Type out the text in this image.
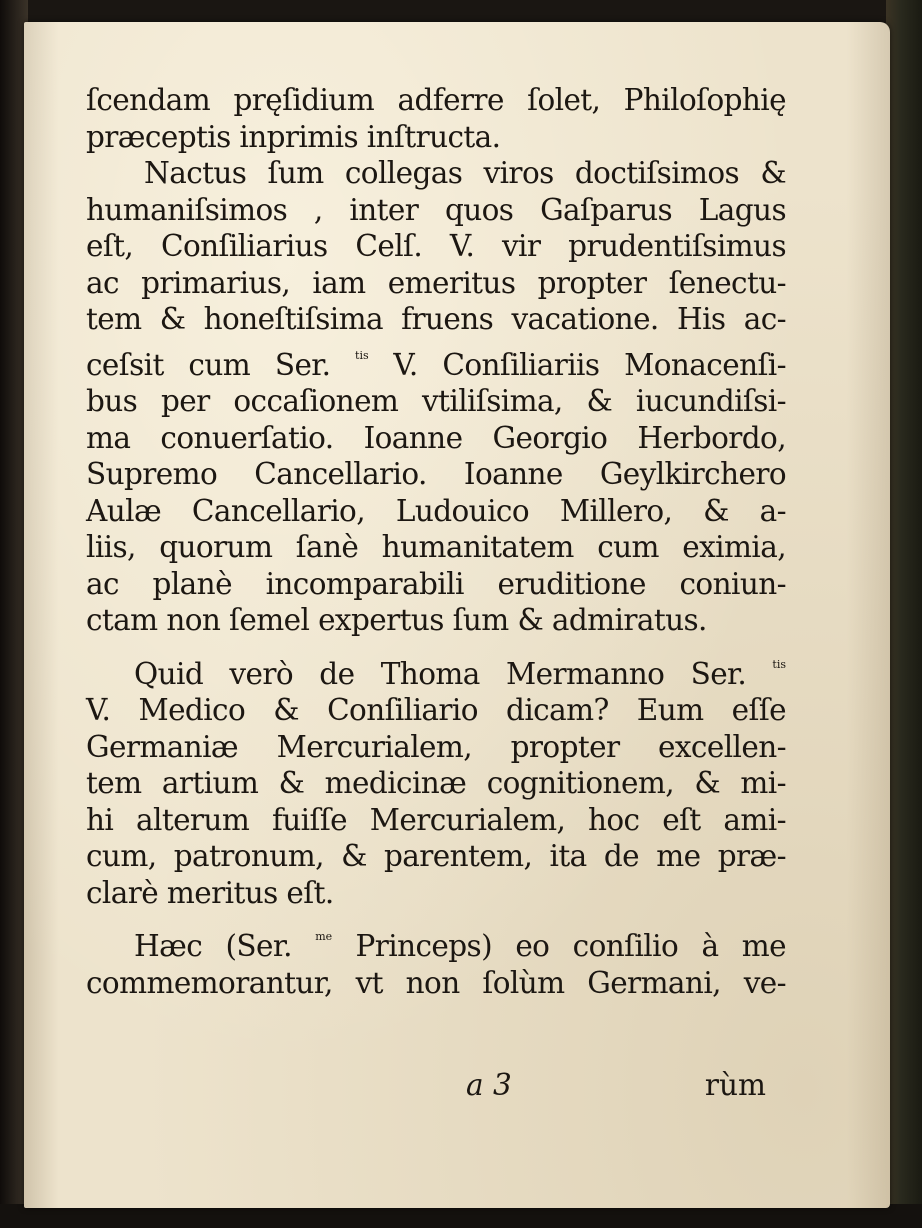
ſcendam pręſidium adferre ſolet, Philoſophię
præceptis inprimis inſtructa.
Nactus ſum collegas viros doctiſsimos &
humaniſsimos , inter quos Gaſparus Lagus
eſt, Conſiliarius Celſ. V. vir prudentiſsimus
ac primarius, iam emeritus propter ſenectu-
tem & honeſtiſsima fruens vacatione. His ac-
ceſsit cum Ser. $^{tis}$ V. Conſiliariis Monacenſi-
bus per occaſionem vtiliſsima, & iucundiſsi-
ma conuerſatio. Ioanne Georgio Herbordo,
Supremo Cancellario. Ioanne Geylkirchero
Aulæ Cancellario, Ludouico Millero, & a-
liis, quorum ſanè humanitatem cum eximia,
ac planè incomparabili eruditione coniun-
ctam non ſemel expertus ſum & admiratus.
Quid verò de Thoma Mermanno Ser. $^{tis}$
V. Medico & Conſiliario dicam? Eum eſſe
Germaniæ Mercurialem, propter excellen-
tem artium & medicinæ cognitionem, & mi-
hi alterum fuiſſe Mercurialem, hoc eſt ami-
cum, patronum, & parentem, ita de me præ-
clarè meritus eſt.
Hæc (Ser. $^{me}$ Princeps) eo conſilio à me
commemorantur, vt non ſolùm Germani, ve-
a 3	rùm
